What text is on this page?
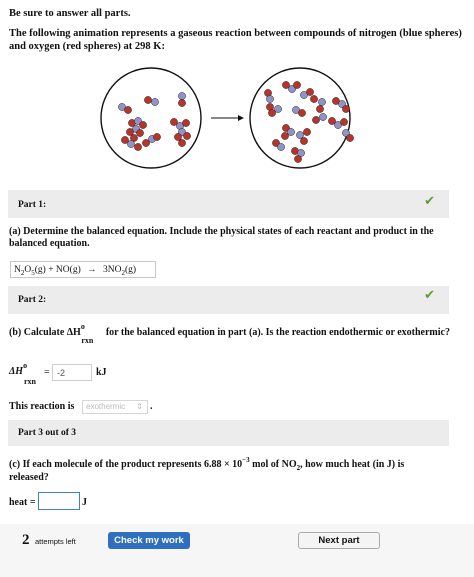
Be sure to answer all parts.
The following animation represents a gaseous reaction between compounds of nitrogen (blue spheres)
and oxygen (red spheres) at 298 K:
Part 1:	✔
(a) Determine the balanced equation. Include the physical states of each reactant and product in the
balanced equation.
$N_2O_5(g) + NO(g) \to 3NO_2(g)$
Part 2:	✔
(b) Calculate $\Delta H^o$ $_{rxn}$ for the balanced equation in part (a). Is the reaction endothermic or exothermic?
$\Delta H^o$
rxn
= -2	kJ
This reaction is	exothermic ⇕ .
Part 3 out of 3
(c) If each molecule of the product represents $6.88 \times 10^{-3}$ mol of $NO_2$, how much heat (in J) is
released?
heat =	J
2 attempts left	Check my work	Next part
